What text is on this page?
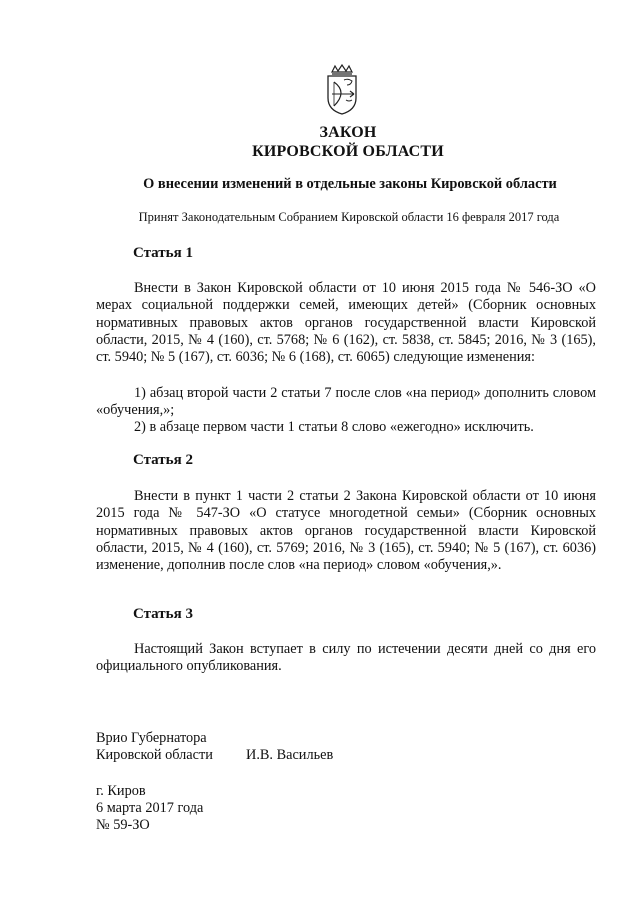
ЗАКОН
КИРОВСКОЙ ОБЛАСТИ
О внесении изменений в отдельные законы Кировской области
Принят Законодательным Собранием Кировской области 16 февраля 2017 года
Статья 1

Внести в Закон Кировской области от 10 июня 2015 года № 546-ЗО «О мерах социальной поддержки семей, имеющих детей» (Сборник основных нормативных правовых актов органов государственной власти Кировской области, 2015, № 4 (160), ст. 5768; № 6 (162), ст. 5838, ст. 5845; 2016, № 3 (165), ст. 5940; № 5 (167), ст. 6036; № 6 (168), ст. 6065) следующие изменения:

1) абзац второй части 2 статьи 7 после слов «на период» дополнить словом «обучения,»;

2) в абзаце первом части 1 статьи 8 слово «ежегодно» исключить.

Статья 2

Внести в пункт 1 части 2 статьи 2 Закона Кировской области от 10 июня 2015 года № 547-ЗО «О статусе многодетной семьи» (Сборник основных нормативных правовых актов органов государственной власти Кировской области, 2015, № 4 (160), ст. 5769; 2016, № 3 (165), ст. 5940; № 5 (167), ст. 6036) изменение, дополнив после слов «на период» словом «обучения,».

Статья 3

Настоящий Закон вступает в силу по истечении десяти дней со дня его официального опубликования.

Врио Губернатора
Кировской области И.В. Васильев
г. Киров
6 марта 2017 года
№ 59-ЗО
